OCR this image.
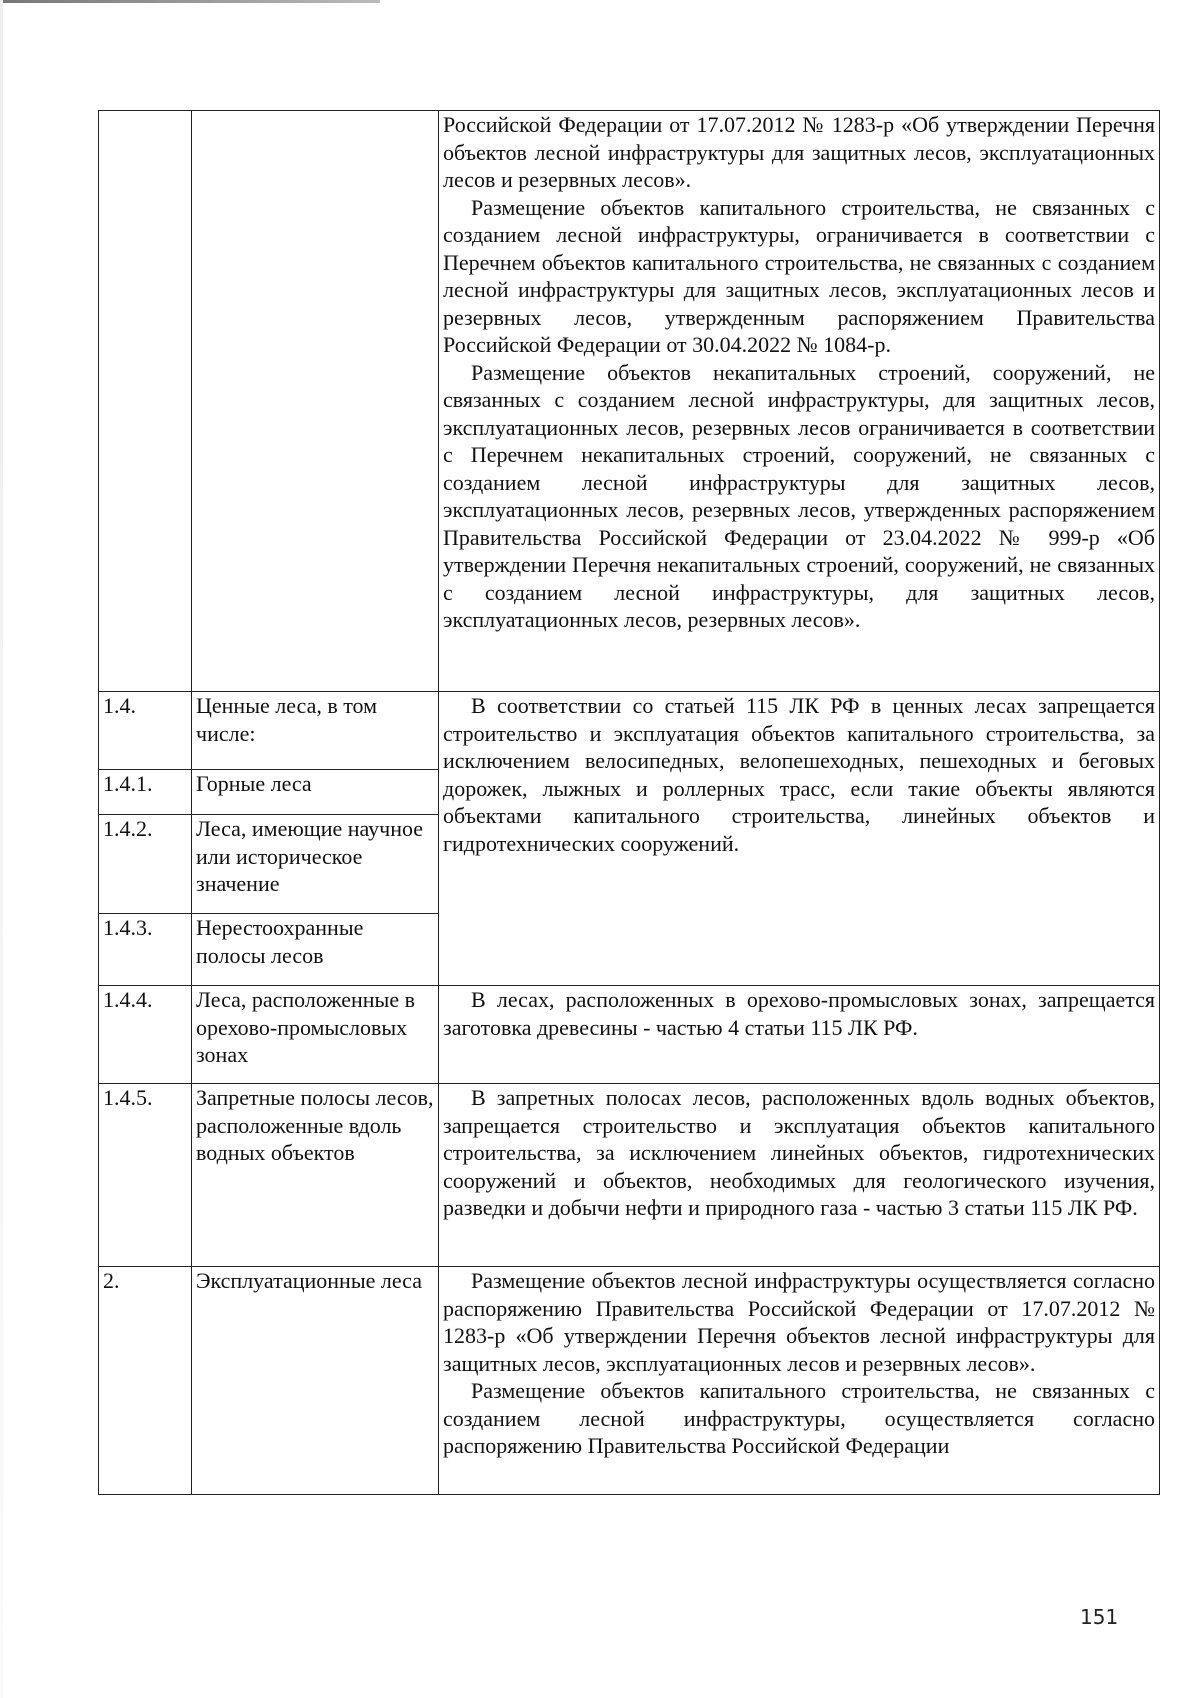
		Российской Федерации от 17.07.2012 № 1283-р «Об утверждении Перечня объектов лесной инфраструктуры для защитных лесов, эксплуатационных лесов и резервных лесов».

Размещение объектов капитального строительства, не связанных с созданием лесной инфраструктуры, ограничивается в соответствии с Перечнем объектов капитального строительства, не связанных с созданием лесной инфраструктуры для защитных лесов, эксплуатационных лесов и резервных лесов, утвержденным распоряжением Правительства Российской Федерации от 30.04.2022 № 1084-р.

Размещение объектов некапитальных строений, сооружений, не связанных с созданием лесной инфраструктуры, для защитных лесов, эксплуатационных лесов, резервных лесов ограничивается в соответствии с Перечнем некапитальных строений, сооружений, не связанных с созданием лесной инфраструктуры для защитных лесов, эксплуатационных лесов, резервных лесов, утвержденных распоряжением Правительства Российской Федерации от 23.04.2022 № 999-р «Об утверждении Перечня некапитальных строений, сооружений, не связанных с созданием лесной инфраструктуры, для защитных лесов, эксплуатационных лесов, резервных лесов».

1.4.	Ценные леса, в том числе:	В соответствии со статьей 115 ЛК РФ в ценных лесах запрещается строительство и эксплуатация объектов капитального строительства, за исключением велосипедных, велопешеходных, пешеходных и беговых дорожек, лыжных и роллерных трасс, если такие объекты являются объектами капитального строительства, линейных объектов и гидротехнических сооружений.

1.4.1.	Горные леса	
1.4.2.	Леса, имеющие научное или историческое значение	
1.4.3.	Нерестоохранные полосы лесов	
1.4.4.	Леса, расположенные в орехово-промысловых зонах	В лесах, расположенных в орехово-промысловых зонах, запрещается заготовка древесины - частью 4 статьи 115 ЛК РФ.

1.4.5.	Запретные полосы лесов, расположенные вдоль водных объектов	В запретных полосах лесов, расположенных вдоль водных объектов, запрещается строительство и эксплуатация объектов капитального строительства, за исключением линейных объектов, гидротехнических сооружений и объектов, необходимых для геологического изучения, разведки и добычи нефти и природного газа - частью 3 статьи 115 ЛК РФ.

2.	Эксплуатационные леса	Размещение объектов лесной инфраструктуры осуществляется согласно распоряжению Правительства Российской Федерации от 17.07.2012 № 1283-р «Об утверждении Перечня объектов лесной инфраструктуры для защитных лесов, эксплуатационных лесов и резервных лесов».

Размещение объектов капитального строительства, не связанных с созданием лесной инфраструктуры, осуществляется согласно распоряжению Правительства Российской Федерации

151
